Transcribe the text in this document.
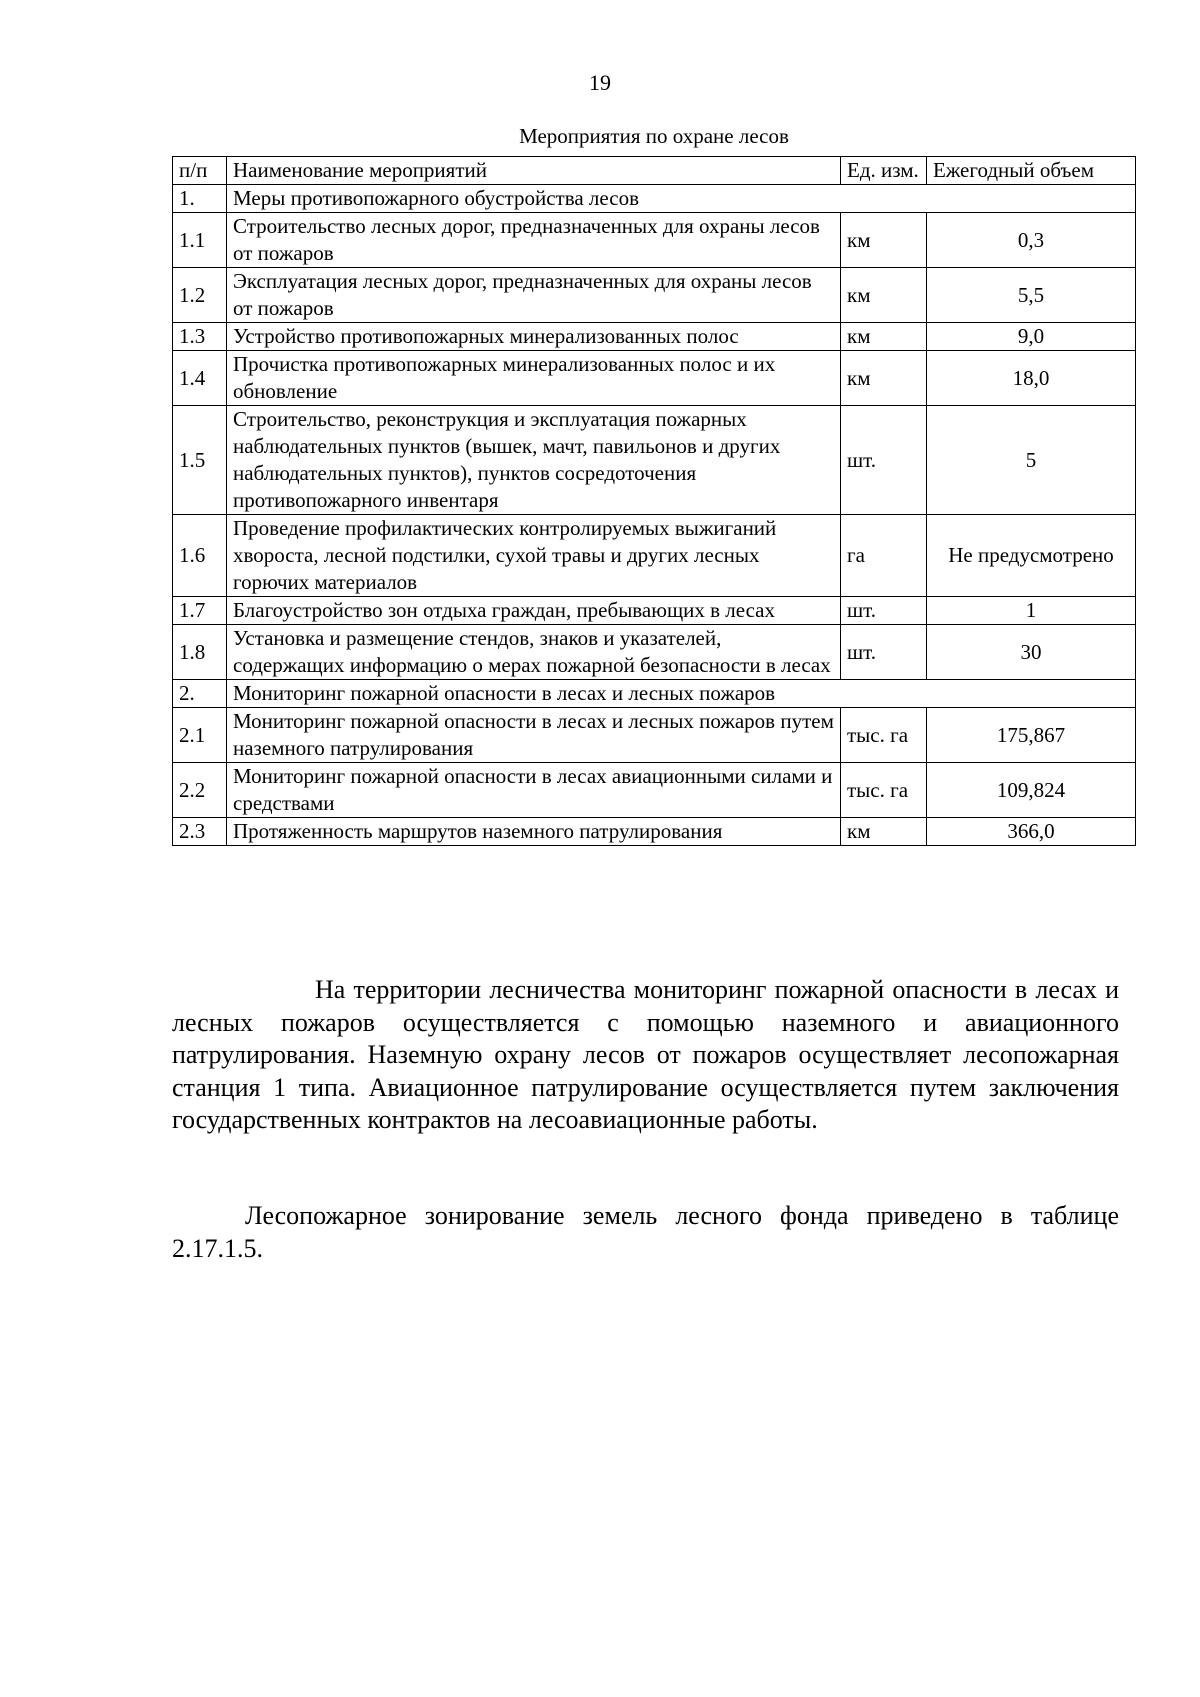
19
Мероприятия по охране лесов
п/п	Наименование мероприятий	Ед. изм.	Ежегодный объем
1.	Меры противопожарного обустройства лесов		
1.1	Строительство лесных дорог, предназначенных для охраны лесов от пожаров	км	0,3
1.2	Эксплуатация лесных дорог, предназначенных для охраны лесов от пожаров	км	5,5
1.3	Устройство противопожарных минерализованных полос	км	9,0
1.4	Прочистка противопожарных минерализованных полос и их обновление	км	18,0
1.5	Строительство, реконструкция и эксплуатация пожарных наблюдательных пунктов (вышек, мачт, павильонов и других наблюдательных пунктов), пунктов сосредоточения противопожарного инвентаря	шт.	5
1.6	Проведение профилактических контролируемых выжиганий хвороста, лесной подстилки, сухой травы и других лесных горючих материалов	га	Не предусмотрено
1.7	Благоустройство зон отдыха граждан, пребывающих в лесах	шт.	1
1.8	Установка и размещение стендов, знаков и указателей, содержащих информацию о мерах пожарной безопасности в лесах	шт.	30
2.	Мониторинг пожарной опасности в лесах и лесных пожаров		
2.1	Мониторинг пожарной опасности в лесах и лесных пожаров путем наземного патрулирования	тыс. га	175,867
2.2	Мониторинг пожарной опасности в лесах авиационными силами и средствами	тыс. га	109,824
2.3	Протяженность маршрутов наземного патрулирования	км	366,0
На территории лесничества мониторинг пожарной опасности в лесах и лесных пожаров осуществляется с помощью наземного и авиационного патрулирования. Наземную охрану лесов от пожаров осуществляет лесопожарная станция 1 типа. Авиационное патрулирование осуществляется путем заключения государственных контрактов на лесоавиационные работы.
Лесопожарное зонирование земель лесного фонда приведено в таблице 2.17.1.5.
